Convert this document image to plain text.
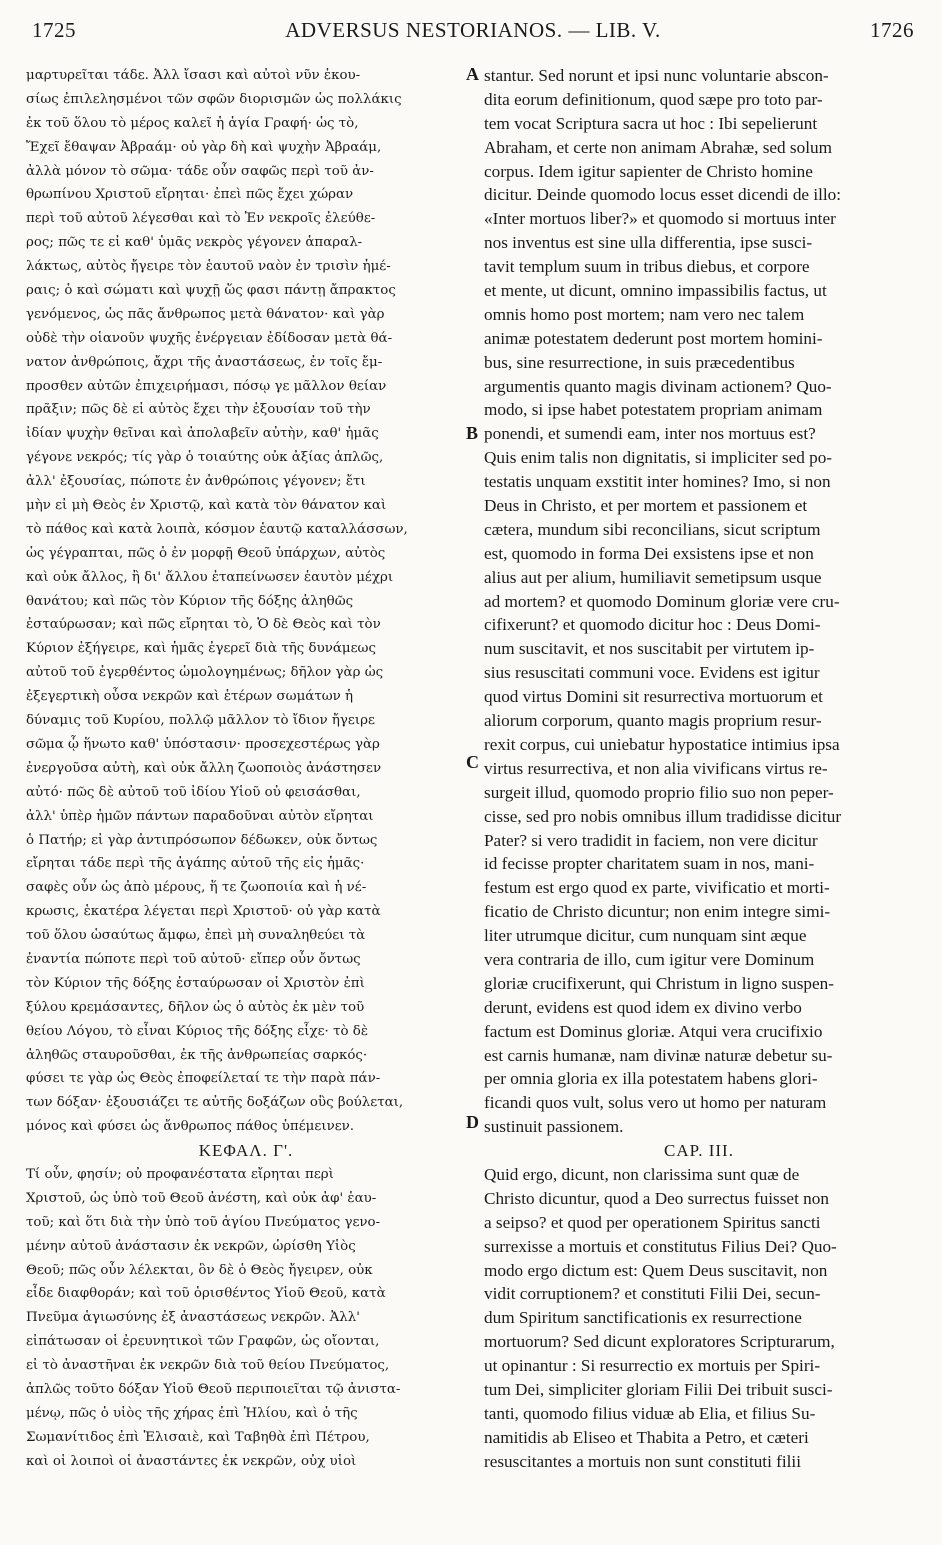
1725	ADVERSUS NESTORIANOS. — LIB. V.	1726
μαρτυρεῖται τάδε. Ἀλλ ἴσασι καὶ αὐτοὶ νῦν ἑκου-
σίως ἐπιλελησμένοι τῶν σφῶν διορισμῶν ὡς πολλάκις
ἐκ τοῦ ὅλου τὸ μέρος καλεῖ ἡ ἁγία Γραφή· ὡς τὸ,
Ἔχεῖ ἔθαψαν Ἀβραάμ· οὐ γὰρ δὴ καὶ ψυχὴν Ἀβραάμ,
ἀλλὰ μόνον τὸ σῶμα· τάδε οὖν σαφῶς περὶ τοῦ ἀν-
θρωπίνου Χριστοῦ εἴρηται· ἐπεὶ πῶς ἔχει χώραν
περὶ τοῦ αὐτοῦ λέγεσθαι καὶ τὸ Ἐν νεκροῖς ἐλεύθε-
ρος; πῶς τε εἰ καθ' ὑμᾶς νεκρὸς γέγονεν ἀπαραλ-
λάκτως, αὐτὸς ἤγειρε τὸν ἑαυτοῦ ναὸν ἐν τρισὶν ἡμέ-
ραις; ὁ καὶ σώματι καὶ ψυχῇ ὥς φασι πάντῃ ἄπρακτος
γενόμενος, ὡς πᾶς ἄνθρωπος μετὰ θάνατον· καὶ γὰρ
οὐδὲ τὴν οἱανοῦν ψυχῆς ἐνέργειαν ἐδίδοσαν μετὰ θά-
νατον ἀνθρώποις, ἄχρι τῆς ἀναστάσεως, ἐν τοῖς ἔμ-
προσθεν αὐτῶν ἐπιχειρήμασι, πόσῳ γε μᾶλλον θείαν
πρᾶξιν; πῶς δὲ εἰ αὐτὸς ἔχει τὴν ἐξουσίαν τοῦ τὴν
ἰδίαν ψυχὴν θεῖναι καὶ ἀπολαβεῖν αὐτὴν, καθ' ἡμᾶς
γέγονε νεκρός; τίς γὰρ ὁ τοιαύτης οὐκ ἀξίας ἁπλῶς,
ἀλλ' ἐξουσίας, πώποτε ἐν ἀνθρώποις γέγονεν; ἔτι
μὴν εἰ μὴ Θεὸς ἐν Χριστῷ, καὶ κατὰ τὸν θάνατον καὶ
τὸ πάθος καὶ κατὰ λοιπὰ, κόσμον ἑαυτῷ καταλλάσσων,
ὡς γέγραπται, πῶς ὁ ἐν μορφῇ Θεοῦ ὑπάρχων, αὐτὸς
καὶ οὐκ ἄλλος, ἢ δι' ἄλλου ἐταπείνωσεν ἑαυτὸν μέχρι
θανάτου; καὶ πῶς τὸν Κύριον τῆς δόξης ἀληθῶς
ἐσταύρωσαν; καὶ πῶς εἴρηται τὸ, Ὁ δὲ Θεὸς καὶ τὸν
Κύριον ἐξήγειρε, καὶ ἡμᾶς ἐγερεῖ διὰ τῆς δυνάμεως
αὐτοῦ τοῦ ἐγερθέντος ὡμολογημένως; δῆλον γὰρ ὡς
ἐξεγερτικὴ οὖσα νεκρῶν καὶ ἑτέρων σωμάτων ἡ
δύναμις τοῦ Κυρίου, πολλῷ μᾶλλον τὸ ἴδιον ἤγειρε
σῶμα ᾧ ἥνωτο καθ' ὑπόστασιν· προσεχεστέρως γὰρ
ἐνεργοῦσα αὐτὴ, καὶ οὐκ ἄλλη ζωοποιὸς ἀνάστησεν
αὐτό· πῶς δὲ αὐτοῦ τοῦ ἰδίου Υἱοῦ οὐ φεισάσθαι,
ἀλλ' ὑπὲρ ἡμῶν πάντων παραδοῦναι αὐτὸν εἴρηται
ὁ Πατήρ; εἰ γὰρ ἀντιπρόσωπον δέδωκεν, οὐκ ὄντως
εἴρηται τάδε περὶ τῆς ἀγάπης αὐτοῦ τῆς εἰς ἡμᾶς·
σαφὲς οὖν ὡς ἀπὸ μέρους, ἥ τε ζωοποιία καὶ ἡ νέ-
κρωσις, ἑκατέρα λέγεται περὶ Χριστοῦ· οὐ γὰρ κατὰ
τοῦ ὅλου ὡσαύτως ἄμφω, ἐπεὶ μὴ συναληθεύει τὰ
ἐναντία πώποτε περὶ τοῦ αὐτοῦ· εἴπερ οὖν ὄντως
τὸν Κύριον τῆς δόξης ἐσταύρωσαν οἱ Χριστὸν ἐπὶ
ξύλου κρεμάσαντες, δῆλον ὡς ὁ αὐτὸς ἐκ μὲν τοῦ
θείου Λόγου, τὸ εἶναι Κύριος τῆς δόξης εἶχε· τὸ δὲ
ἀληθῶς σταυροῦσθαι, ἐκ τῆς ἀνθρωπείας σαρκός·
φύσει τε γὰρ ὡς Θεὸς ἐποφείλεταί τε τὴν παρὰ πάν-
των δόξαν· ἐξουσιάζει τε αὐτῆς δοξάζων οὓς βούλεται,
μόνος καὶ φύσει ὡς ἄνθρωπος πάθος ὑπέμεινεν.
ΚΕΦΑΛ. Γ'.
Τί οὖν, φησίν; οὐ προφανέστατα εἴρηται περὶ
Χριστοῦ, ὡς ὑπὸ τοῦ Θεοῦ ἀνέστη, καὶ οὐκ ἀφ' ἑαυ-
τοῦ; καὶ ὅτι διὰ τὴν ὑπὸ τοῦ ἁγίου Πνεύματος γενο-
μένην αὐτοῦ ἀνάστασιν ἐκ νεκρῶν, ὡρίσθη Υἱὸς
Θεοῦ; πῶς οὖν λέλεκται, ὃν δὲ ὁ Θεὸς ἤγειρεν, οὐκ
εἶδε διαφθοράν; καὶ τοῦ ὁρισθέντος Υἱοῦ Θεοῦ, κατὰ
Πνεῦμα ἁγιωσύνης ἐξ ἀναστάσεως νεκρῶν. Ἀλλ'
εἰπάτωσαν οἱ ἐρευνητικοὶ τῶν Γραφῶν, ὡς οἴονται,
εἰ τὸ ἀναστῆναι ἐκ νεκρῶν διὰ τοῦ θείου Πνεύματος,
ἁπλῶς τοῦτο δόξαν Υἱοῦ Θεοῦ περιποιεῖται τῷ ἀνιστα-
μένῳ, πῶς ὁ υἱὸς τῆς χήρας ἐπὶ Ἠλίου, καὶ ὁ τῆς
Σωμανίτιδος ἐπὶ Ἐλισαιὲ, καὶ Ταβηθὰ ἐπὶ Πέτρου,
καὶ οἱ λοιποὶ οἱ ἀναστάντες ἐκ νεκρῶν, οὐχ υἱοὶ
stantur. Sed norunt et ipsi nunc voluntarie abscon-
dita eorum definitionum, quod sæpe pro toto par-
tem vocat Scriptura sacra ut hoc : Ibi sepelierunt
Abraham, et certe non animam Abrahæ, sed solum
corpus. Idem igitur sapienter de Christo homine
dicitur. Deinde quomodo locus esset dicendi de illo:
«Inter mortuos liber?» et quomodo si mortuus inter
nos inventus est sine ulla differentia, ipse susci-
tavit templum suum in tribus diebus, et corpore
et mente, ut dicunt, omnino impassibilis factus, ut
omnis homo post mortem; nam vero nec talem
animæ potestatem dederunt post mortem homini-
bus, sine resurrectione, in suis præcedentibus
argumentis quanto magis divinam actionem? Quo-
modo, si ipse habet potestatem propriam animam
ponendi, et sumendi eam, inter nos mortuus est?
Quis enim talis non dignitatis, si impliciter sed po-
testatis unquam exstitit inter homines? Imo, si non
Deus in Christo, et per mortem et passionem et
cætera, mundum sibi reconcilians, sicut scriptum
est, quomodo in forma Dei exsistens ipse et non
alius aut per alium, humiliavit semetipsum usque
ad mortem? et quomodo Dominum gloriæ vere cru-
cifixerunt? et quomodo dicitur hoc : Deus Domi-
num suscitavit, et nos suscitabit per virtutem ip-
sius resuscitati communi voce. Evidens est igitur
quod virtus Domini sit resurrectiva mortuorum et
aliorum corporum, quanto magis proprium resur-
rexit corpus, cui uniebatur hypostatice intimius ipsa
virtus resurrectiva, et non alia vivificans virtus re-
surgeit illud, quomodo proprio filio suo non peper-
cisse, sed pro nobis omnibus illum tradidisse dicitur
Pater? si vero tradidit in faciem, non vere dicitur
id fecisse propter charitatem suam in nos, mani-
festum est ergo quod ex parte, vivificatio et morti-
ficatio de Christo dicuntur; non enim integre simi-
liter utrumque dicitur, cum nunquam sint æque
vera contraria de illo, cum igitur vere Dominum
gloriæ crucifixerunt, qui Christum in ligno suspen-
derunt, evidens est quod idem ex divino verbo
factum est Dominus gloriæ. Atqui vera crucifixio
est carnis humanæ, nam divinæ naturæ debetur su-
per omnia gloria ex illa potestatem habens glori-
ficandi quos vult, solus vero ut homo per naturam
sustinuit passionem.
CAP. III.
Quid ergo, dicunt, non clarissima sunt quæ de
Christo dicuntur, quod a Deo surrectus fuisset non
a seipso? et quod per operationem Spiritus sancti
surrexisse a mortuis et constitutus Filius Dei? Quo-
modo ergo dictum est: Quem Deus suscitavit, non
vidit corruptionem? et constituti Filii Dei, secun-
dum Spiritum sanctificationis ex resurrectione
mortuorum? Sed dicunt exploratores Scripturarum,
ut opinantur : Si resurrectio ex mortuis per Spiri-
tum Dei, simpliciter gloriam Filii Dei tribuit susci-
tanti, quomodo filius viduæ ab Elia, et filius Su-
namitidis ab Eliseo et Thabita a Petro, et cæteri
resuscitantes a mortuis non sunt constituti filii
A
B
C
D
